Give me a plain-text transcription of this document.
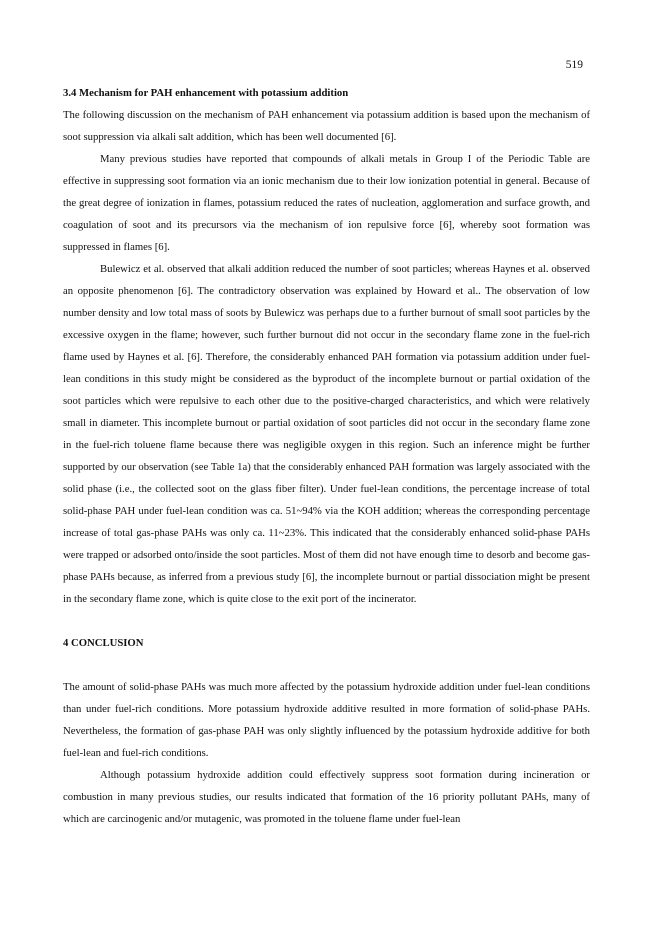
519

3.4 Mechanism for PAH enhancement with potassium addition

The following discussion on the mechanism of PAH enhancement via potassium addition is based upon the mechanism of soot suppression via alkali salt addition, which has been well documented [6].

Many previous studies have reported that compounds of alkali metals in Group I of the Periodic Table are effective in suppressing soot formation via an ionic mechanism due to their low ionization potential in general. Because of the great degree of ionization in flames, potassium reduced the rates of nucleation, agglomeration and surface growth, and coagulation of soot and its precursors via the mechanism of ion repulsive force [6], whereby soot formation was suppressed in flames [6].

Bulewicz et al. observed that alkali addition reduced the number of soot particles; whereas Haynes et al. observed an opposite phenomenon [6]. The contradictory observation was explained by Howard et al.. The observation of low number density and low total mass of soots by Bulewicz was perhaps due to a further burnout of small soot particles by the excessive oxygen in the flame; however, such further burnout did not occur in the secondary flame zone in the fuel-rich flame used by Haynes et al. [6]. Therefore, the considerably enhanced PAH formation via potassium addition under fuel-lean conditions in this study might be considered as the byproduct of the incomplete burnout or partial oxidation of the soot particles which were repulsive to each other due to the positive-charged characteristics, and which were relatively small in diameter. This incomplete burnout or partial oxidation of soot particles did not occur in the secondary flame zone in the fuel-rich toluene flame because there was negligible oxygen in this region. Such an inference might be further supported by our observation (see Table 1a) that the considerably enhanced PAH formation was largely associated with the solid phase (i.e., the collected soot on the glass fiber filter). Under fuel-lean conditions, the percentage increase of total solid-phase PAH under fuel-lean condition was ca. 51~94% via the KOH addition; whereas the corresponding percentage increase of total gas-phase PAHs was only ca. 11~23%. This indicated that the considerably enhanced solid-phase PAHs were trapped or adsorbed onto/inside the soot particles. Most of them did not have enough time to desorb and become gas-phase PAHs because, as inferred from a previous study [6], the incomplete burnout or partial dissociation might be present in the secondary flame zone, which is quite close to the exit port of the incinerator.

4 CONCLUSION

The amount of solid-phase PAHs was much more affected by the potassium hydroxide addition under fuel-lean conditions than under fuel-rich conditions. More potassium hydroxide additive resulted in more formation of solid-phase PAHs. Nevertheless, the formation of gas-phase PAH was only slightly influenced by the potassium hydroxide additive for both fuel-lean and fuel-rich conditions.

Although potassium hydroxide addition could effectively suppress soot formation during incineration or combustion in many previous studies, our results indicated that formation of the 16 priority pollutant PAHs, many of which are carcinogenic and/or mutagenic, was promoted in the toluene flame under fuel-lean
